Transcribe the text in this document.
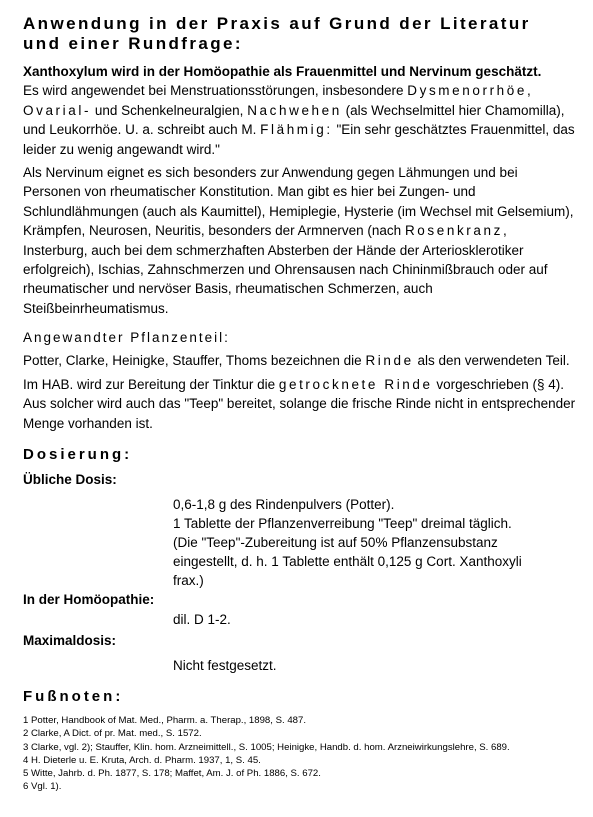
Anwendung in der Praxis auf Grund der Literatur
und einer Rundfrage:

Xanthoxylum wird in der Homöopathie als Frauenmittel und Nervinum geschätzt.

Es wird angewendet bei Menstruationsstörungen, insbesondere Dysmenorrhöe, Ovarial- und Schenkelneuralgien, Nachwehen (als Wechselmittel hier Chamomilla), und Leukorrhöe. U. a. schreibt auch M. Flähmig: "Ein sehr geschätztes Frauenmittel, das leider zu wenig angewandt wird."

Als Nervinum eignet es sich besonders zur Anwendung gegen Lähmungen und bei Personen von rheumatischer Konstitution. Man gibt es hier bei Zungen- und Schlundlähmungen (auch als Kaumittel), Hemiplegie, Hysterie (im Wechsel mit Gelsemium), Krämpfen, Neurosen, Neuritis, besonders der Armnerven (nach Rosenkranz, Insterburg, auch bei dem schmerzhaften Absterben der Hände der Arteriosklerotiker erfolgreich), Ischias, Zahnschmerzen und Ohrensausen nach Chininmißbrauch oder auf rheumatischer und nervöser Basis, rheumatischen Schmerzen, auch Steißbeinrheumatismus.

Angewandter Pflanzenteil:

Potter, Clarke, Heinigke, Stauffer, Thoms bezeichnen die Rinde als den verwendeten Teil.

Im HAB. wird zur Bereitung der Tinktur die getrocknete Rinde vorgeschrieben (§ 4). Aus solcher wird auch das "Teep" bereitet, solange die frische Rinde nicht in entsprechender Menge vorhanden ist.

Dosierung:
Übliche Dosis:
0,6-1,8 g des Rindenpulvers (Potter).
1 Tablette der Pflanzenverreibung "Teep" dreimal täglich.
(Die "Teep"-Zubereitung ist auf 50% Pflanzensubstanz
eingestellt, d. h. 1 Tablette enthält 0,125 g Cort. Xanthoxyli
frax.)
In der Homöopathie:
dil. D 1-2.
Maximaldosis:
Nicht festgesetzt.
Fußnoten:
1 Potter, Handbook of Mat. Med., Pharm. a. Therap., 1898, S. 487.
2 Clarke, A Dict. of pr. Mat. med., S. 1572.
3 Clarke, vgl. 2); Stauffer, Klin. hom. Arzneimittell., S. 1005; Heinigke, Handb. d. hom. Arzneiwirkungslehre, S. 689.
4 H. Dieterle u. E. Kruta, Arch. d. Pharm. 1937, 1, S. 45.
5 Witte, Jahrb. d. Ph. 1877, S. 178; Maffet, Am. J. of Ph. 1886, S. 672.
6 Vgl. 1).
